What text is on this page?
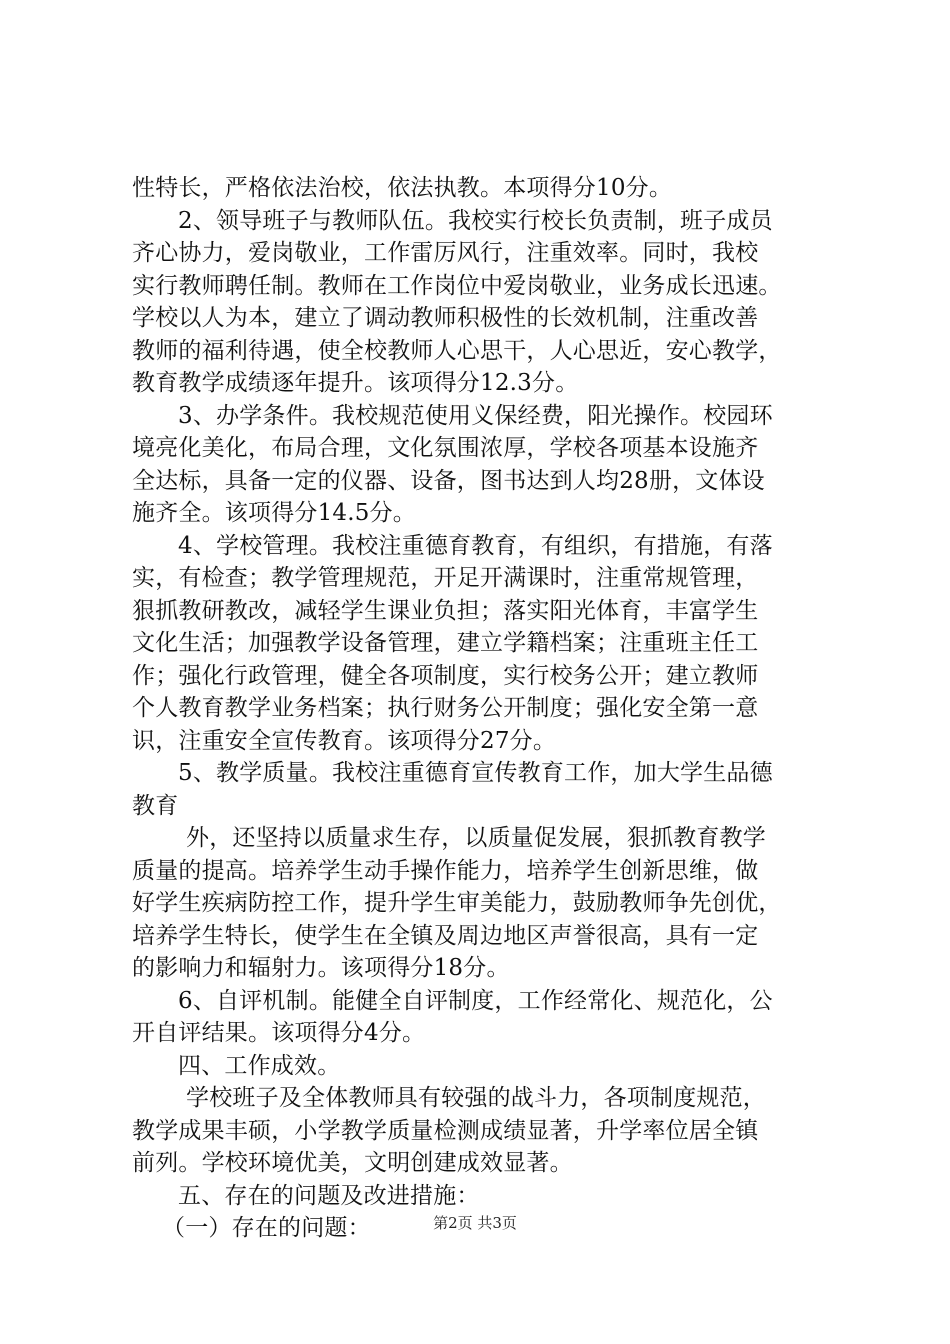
性特长，严格依法治校，依法执教。本项得分10分。
2、领导班子与教师队伍。我校实行校长负责制，班子成员
齐心协力，爱岗敬业，工作雷厉风行，注重效率。同时，我校
实行教师聘任制。教师在工作岗位中爱岗敬业，业务成长迅速。
学校以人为本，建立了调动教师积极性的长效机制，注重改善
教师的福利待遇，使全校教师人心思干，人心思近，安心教学，
教育教学成绩逐年提升。该项得分12.3分。
3、办学条件。我校规范使用义保经费，阳光操作。校园环
境亮化美化，布局合理，文化氛围浓厚，学校各项基本设施齐
全达标，具备一定的仪器、设备，图书达到人均28册，文体设
施齐全。该项得分14.5分。
4、学校管理。我校注重德育教育，有组织，有措施，有落
实，有检查；教学管理规范，开足开满课时，注重常规管理，
狠抓教研教改，减轻学生课业负担；落实阳光体育，丰富学生
文化生活；加强教学设备管理，建立学籍档案；注重班主任工
作；强化行政管理，健全各项制度，实行校务公开；建立教师
个人教育教学业务档案；执行财务公开制度；强化安全第一意
识，注重安全宣传教育。该项得分27分。
5、教学质量。我校注重德育宣传教育工作，加大学生品德
教育
外，还坚持以质量求生存，以质量促发展，狠抓教育教学
质量的提高。培养学生动手操作能力，培养学生创新思维，做
好学生疾病防控工作，提升学生审美能力，鼓励教师争先创优，
培养学生特长，使学生在全镇及周边地区声誉很高，具有一定
的影响力和辐射力。该项得分18分。
6、自评机制。能健全自评制度，工作经常化、规范化，公
开自评结果。该项得分4分。
四、工作成效。
学校班子及全体教师具有较强的战斗力，各项制度规范，
教学成果丰硕，小学教学质量检测成绩显著，升学率位居全镇
前列。学校环境优美，文明创建成效显著。
五、存在的问题及改进措施：
（一）存在的问题：	第2页 共3页
